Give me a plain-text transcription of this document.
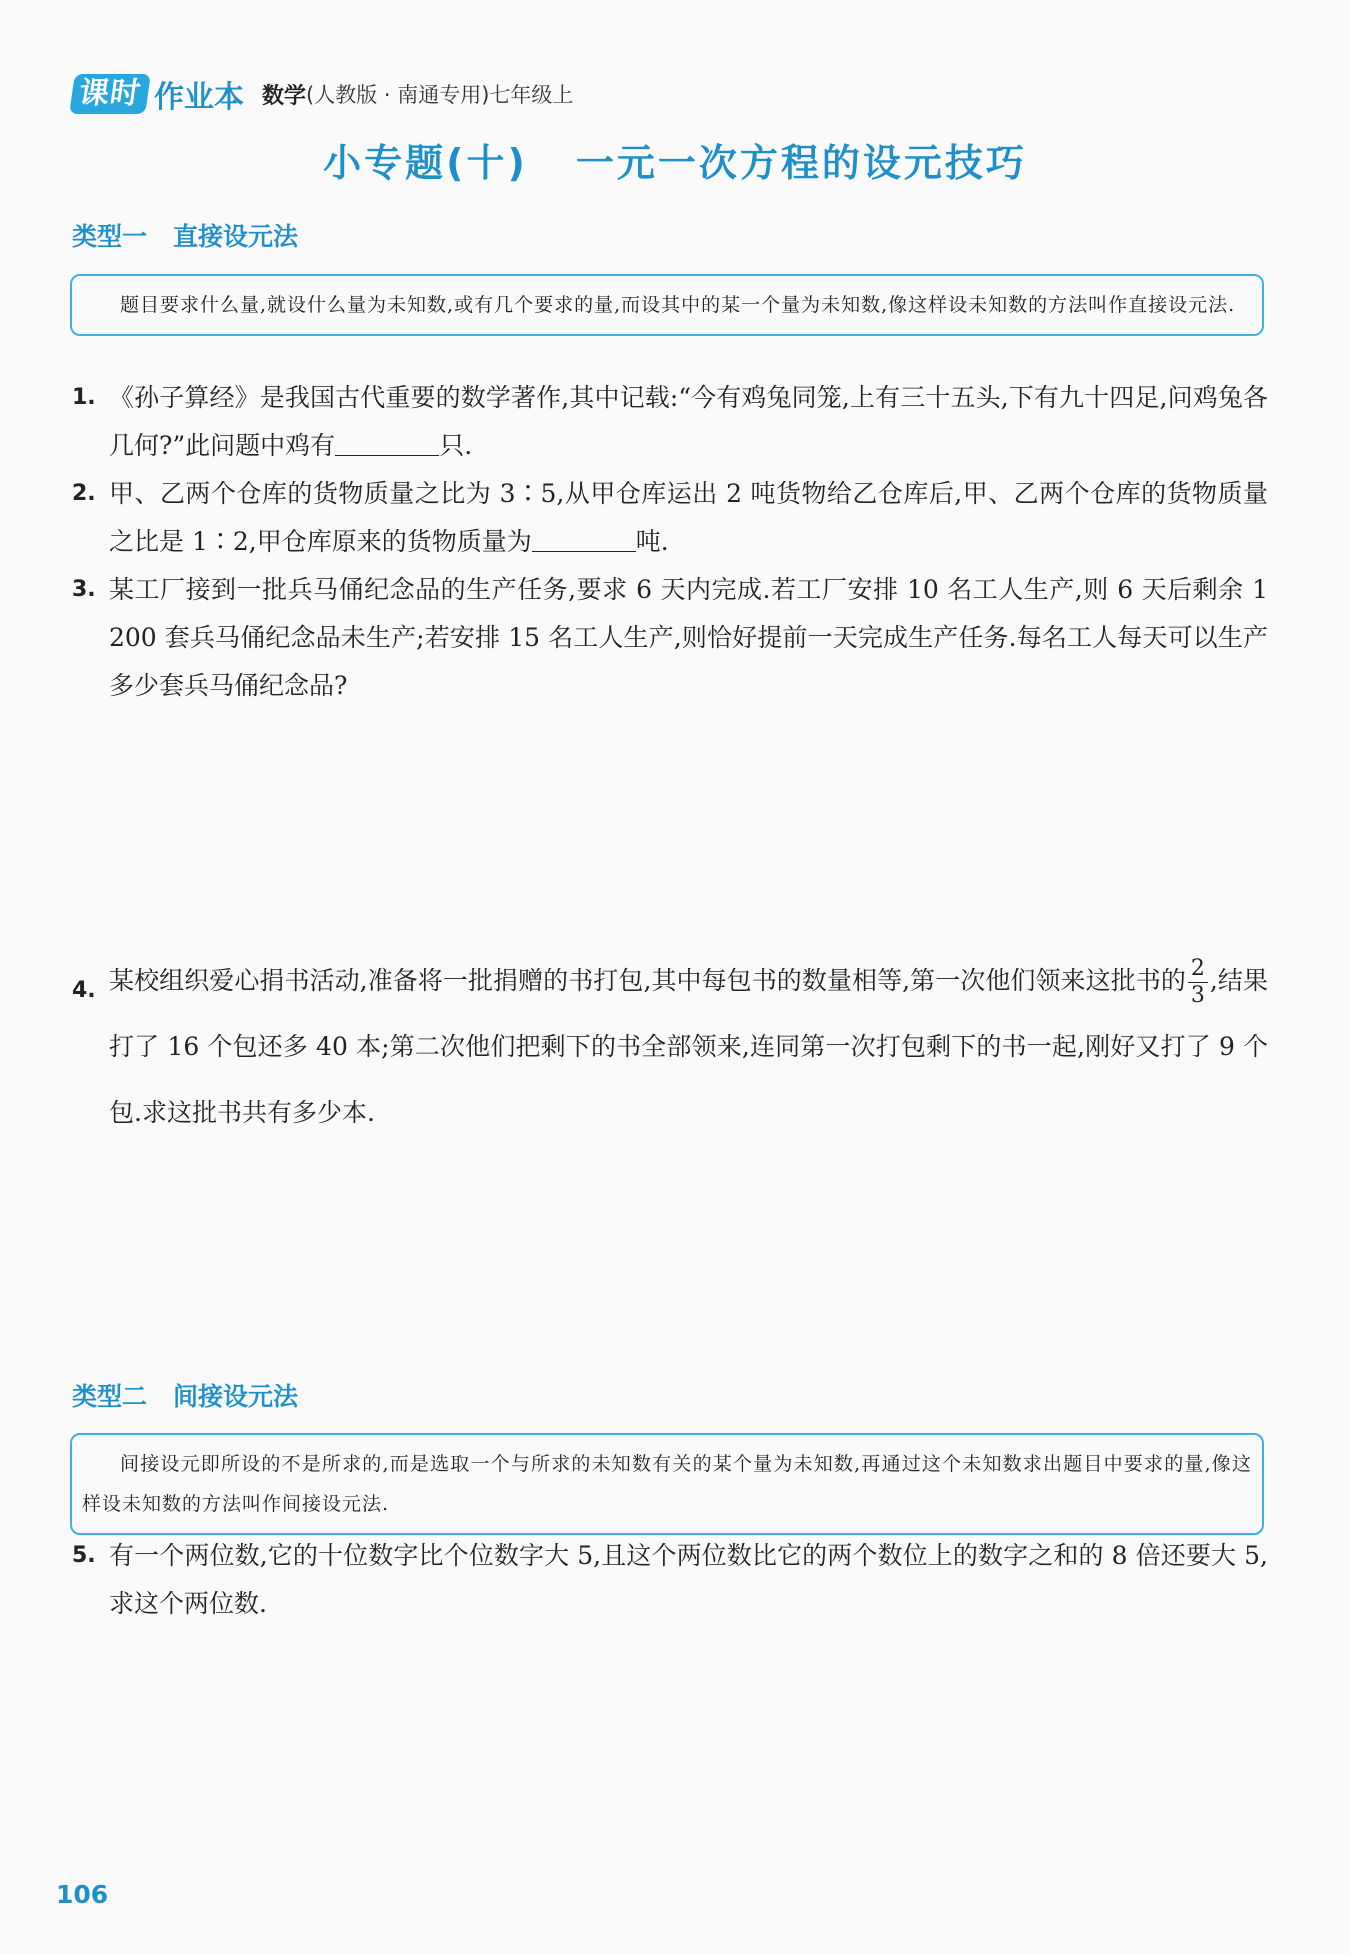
课时 作业本 数学 (人教版 · 南通专用)七年级上
小专题(十) 一元一次方程的设元技巧
类型一 直接设元法
题目要求什么量,就设什么量为未知数,或有几个要求的量,而设其中的某一个量为未知数,像这样设未知数的方法叫作直接设元法.
1. 《孙子算经》是我国古代重要的数学著作,其中记载:“今有鸡兔同笼,上有三十五头,下有九十四足,问鸡兔各几何?”此问题中鸡有	只.
2. 甲、乙两个仓库的货物质量之比为 3∶5,从甲仓库运出 2 吨货物给乙仓库后,甲、乙两个仓库的货物质量之比是 1∶2,甲仓库原来的货物质量为	吨.
3. 某工厂接到一批兵马俑纪念品的生产任务,要求 6 天内完成.若工厂安排 10 名工人生产,则 6 天后剩余 1 200 套兵马俑纪念品未生产;若安排 15 名工人生产,则恰好提前一天完成生产任务.每名工人每天可以生产多少套兵马俑纪念品?
4. 某校组织爱心捐书活动,准备将一批捐赠的书打包,其中每包书的数量相等,第一次他们领来这批书的 $\frac{2}{3}$ ,结果打了 16 个包还多 40 本;第二次他们把剩下的书全部领来,连同第一次打包剩下的书一起,刚好又打了 9 个包.求这批书共有多少本.
类型二 间接设元法
间接设元即所设的不是所求的,而是选取一个与所求的未知数有关的某个量为未知数,再通过这个未知数求出题目中要求的量,像这样设未知数的方法叫作间接设元法.
5. 有一个两位数,它的十位数字比个位数字大 5,且这个两位数比它的两个数位上的数字之和的 8 倍还要大 5,求这个两位数.
106
